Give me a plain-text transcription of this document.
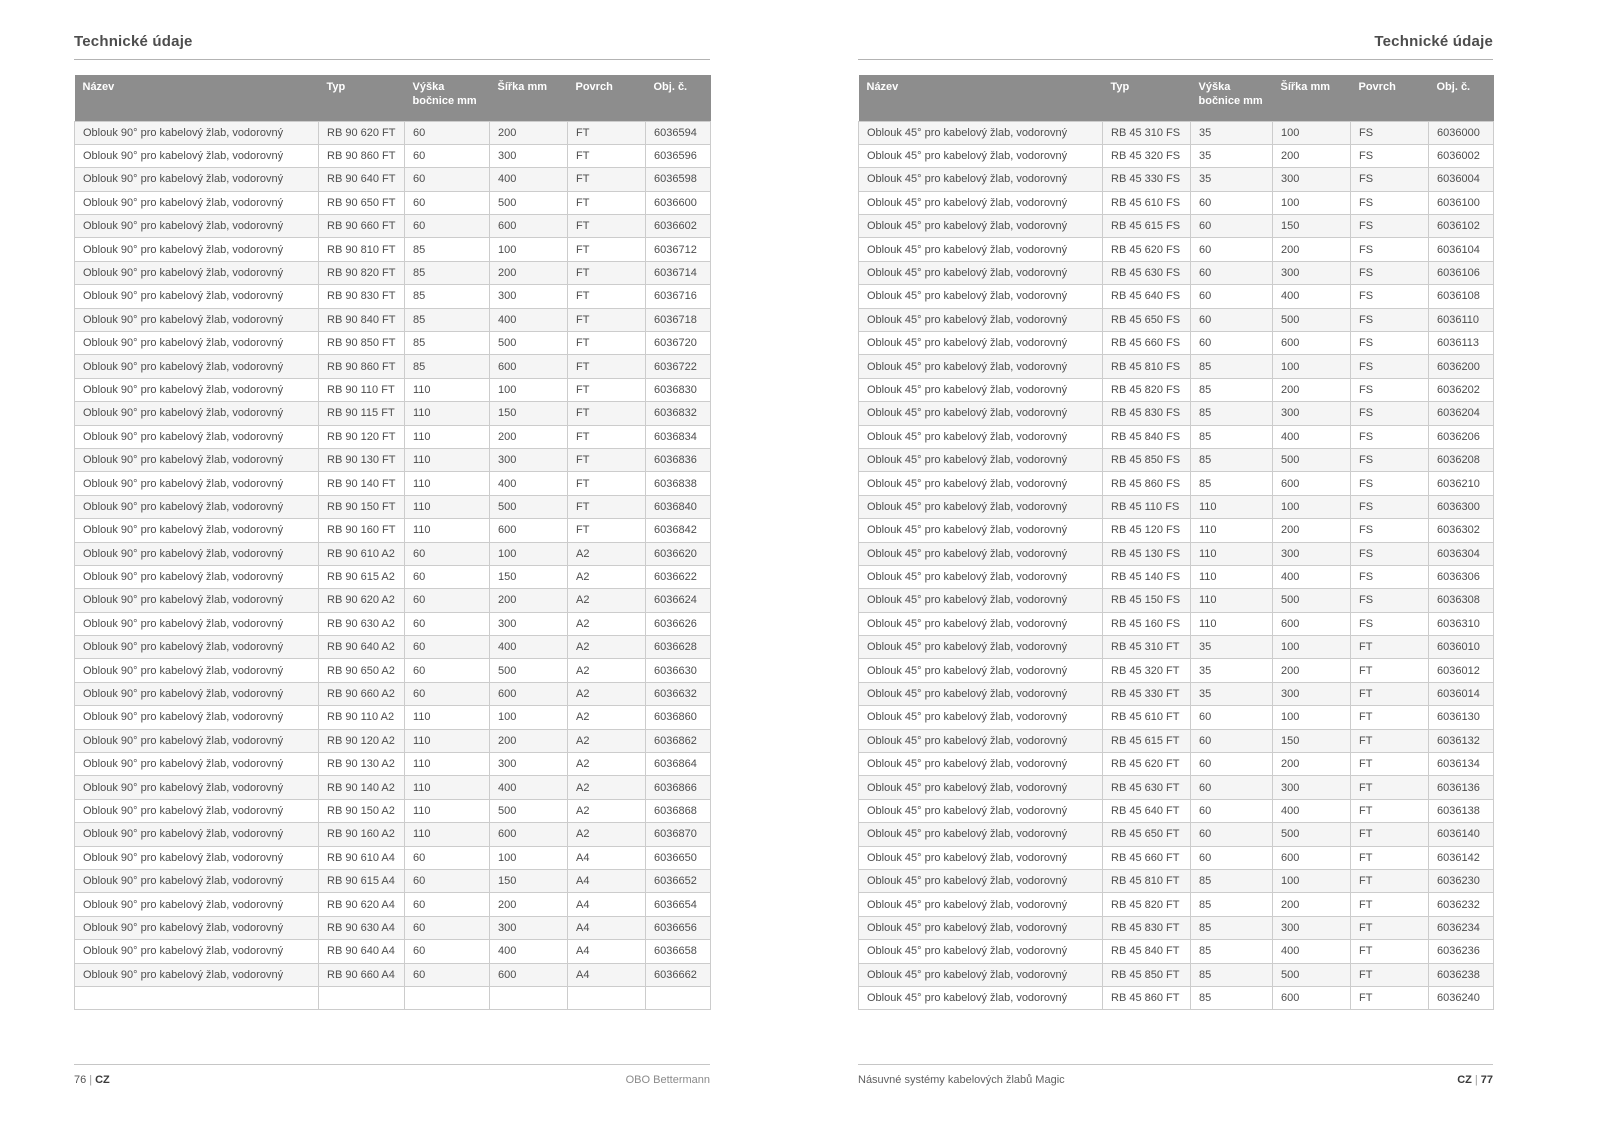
Technické údaje
Název	Typ	Výška bočnice mm	Šířka mm	Povrch	Obj. č.
Oblouk 90° pro kabelový žlab, vodorovný	RB 90 620 FT	60	200	FT	6036594
Oblouk 90° pro kabelový žlab, vodorovný	RB 90 860 FT	60	300	FT	6036596
Oblouk 90° pro kabelový žlab, vodorovný	RB 90 640 FT	60	400	FT	6036598
Oblouk 90° pro kabelový žlab, vodorovný	RB 90 650 FT	60	500	FT	6036600
Oblouk 90° pro kabelový žlab, vodorovný	RB 90 660 FT	60	600	FT	6036602
Oblouk 90° pro kabelový žlab, vodorovný	RB 90 810 FT	85	100	FT	6036712
Oblouk 90° pro kabelový žlab, vodorovný	RB 90 820 FT	85	200	FT	6036714
Oblouk 90° pro kabelový žlab, vodorovný	RB 90 830 FT	85	300	FT	6036716
Oblouk 90° pro kabelový žlab, vodorovný	RB 90 840 FT	85	400	FT	6036718
Oblouk 90° pro kabelový žlab, vodorovný	RB 90 850 FT	85	500	FT	6036720
Oblouk 90° pro kabelový žlab, vodorovný	RB 90 860 FT	85	600	FT	6036722
Oblouk 90° pro kabelový žlab, vodorovný	RB 90 110 FT	110	100	FT	6036830
Oblouk 90° pro kabelový žlab, vodorovný	RB 90 115 FT	110	150	FT	6036832
Oblouk 90° pro kabelový žlab, vodorovný	RB 90 120 FT	110	200	FT	6036834
Oblouk 90° pro kabelový žlab, vodorovný	RB 90 130 FT	110	300	FT	6036836
Oblouk 90° pro kabelový žlab, vodorovný	RB 90 140 FT	110	400	FT	6036838
Oblouk 90° pro kabelový žlab, vodorovný	RB 90 150 FT	110	500	FT	6036840
Oblouk 90° pro kabelový žlab, vodorovný	RB 90 160 FT	110	600	FT	6036842
Oblouk 90° pro kabelový žlab, vodorovný	RB 90 610 A2	60	100	A2	6036620
Oblouk 90° pro kabelový žlab, vodorovný	RB 90 615 A2	60	150	A2	6036622
Oblouk 90° pro kabelový žlab, vodorovný	RB 90 620 A2	60	200	A2	6036624
Oblouk 90° pro kabelový žlab, vodorovný	RB 90 630 A2	60	300	A2	6036626
Oblouk 90° pro kabelový žlab, vodorovný	RB 90 640 A2	60	400	A2	6036628
Oblouk 90° pro kabelový žlab, vodorovný	RB 90 650 A2	60	500	A2	6036630
Oblouk 90° pro kabelový žlab, vodorovný	RB 90 660 A2	60	600	A2	6036632
Oblouk 90° pro kabelový žlab, vodorovný	RB 90 110 A2	110	100	A2	6036860
Oblouk 90° pro kabelový žlab, vodorovný	RB 90 120 A2	110	200	A2	6036862
Oblouk 90° pro kabelový žlab, vodorovný	RB 90 130 A2	110	300	A2	6036864
Oblouk 90° pro kabelový žlab, vodorovný	RB 90 140 A2	110	400	A2	6036866
Oblouk 90° pro kabelový žlab, vodorovný	RB 90 150 A2	110	500	A2	6036868
Oblouk 90° pro kabelový žlab, vodorovný	RB 90 160 A2	110	600	A2	6036870
Oblouk 90° pro kabelový žlab, vodorovný	RB 90 610 A4	60	100	A4	6036650
Oblouk 90° pro kabelový žlab, vodorovný	RB 90 615 A4	60	150	A4	6036652
Oblouk 90° pro kabelový žlab, vodorovný	RB 90 620 A4	60	200	A4	6036654
Oblouk 90° pro kabelový žlab, vodorovný	RB 90 630 A4	60	300	A4	6036656
Oblouk 90° pro kabelový žlab, vodorovný	RB 90 640 A4	60	400	A4	6036658
Oblouk 90° pro kabelový žlab, vodorovný	RB 90 660 A4	60	600	A4	6036662

Technické údaje
Název	Typ	Výška bočnice mm	Šířka mm	Povrch	Obj. č.
Oblouk 45° pro kabelový žlab, vodorovný	RB 45 310 FS	35	100	FS	6036000
Oblouk 45° pro kabelový žlab, vodorovný	RB 45 320 FS	35	200	FS	6036002
Oblouk 45° pro kabelový žlab, vodorovný	RB 45 330 FS	35	300	FS	6036004
Oblouk 45° pro kabelový žlab, vodorovný	RB 45 610 FS	60	100	FS	6036100
Oblouk 45° pro kabelový žlab, vodorovný	RB 45 615 FS	60	150	FS	6036102
Oblouk 45° pro kabelový žlab, vodorovný	RB 45 620 FS	60	200	FS	6036104
Oblouk 45° pro kabelový žlab, vodorovný	RB 45 630 FS	60	300	FS	6036106
Oblouk 45° pro kabelový žlab, vodorovný	RB 45 640 FS	60	400	FS	6036108
Oblouk 45° pro kabelový žlab, vodorovný	RB 45 650 FS	60	500	FS	6036110
Oblouk 45° pro kabelový žlab, vodorovný	RB 45 660 FS	60	600	FS	6036113
Oblouk 45° pro kabelový žlab, vodorovný	RB 45 810 FS	85	100	FS	6036200
Oblouk 45° pro kabelový žlab, vodorovný	RB 45 820 FS	85	200	FS	6036202
Oblouk 45° pro kabelový žlab, vodorovný	RB 45 830 FS	85	300	FS	6036204
Oblouk 45° pro kabelový žlab, vodorovný	RB 45 840 FS	85	400	FS	6036206
Oblouk 45° pro kabelový žlab, vodorovný	RB 45 850 FS	85	500	FS	6036208
Oblouk 45° pro kabelový žlab, vodorovný	RB 45 860 FS	85	600	FS	6036210
Oblouk 45° pro kabelový žlab, vodorovný	RB 45 110 FS	110	100	FS	6036300
Oblouk 45° pro kabelový žlab, vodorovný	RB 45 120 FS	110	200	FS	6036302
Oblouk 45° pro kabelový žlab, vodorovný	RB 45 130 FS	110	300	FS	6036304
Oblouk 45° pro kabelový žlab, vodorovný	RB 45 140 FS	110	400	FS	6036306
Oblouk 45° pro kabelový žlab, vodorovný	RB 45 150 FS	110	500	FS	6036308
Oblouk 45° pro kabelový žlab, vodorovný	RB 45 160 FS	110	600	FS	6036310
Oblouk 45° pro kabelový žlab, vodorovný	RB 45 310 FT	35	100	FT	6036010
Oblouk 45° pro kabelový žlab, vodorovný	RB 45 320 FT	35	200	FT	6036012
Oblouk 45° pro kabelový žlab, vodorovný	RB 45 330 FT	35	300	FT	6036014
Oblouk 45° pro kabelový žlab, vodorovný	RB 45 610 FT	60	100	FT	6036130
Oblouk 45° pro kabelový žlab, vodorovný	RB 45 615 FT	60	150	FT	6036132
Oblouk 45° pro kabelový žlab, vodorovný	RB 45 620 FT	60	200	FT	6036134
Oblouk 45° pro kabelový žlab, vodorovný	RB 45 630 FT	60	300	FT	6036136
Oblouk 45° pro kabelový žlab, vodorovný	RB 45 640 FT	60	400	FT	6036138
Oblouk 45° pro kabelový žlab, vodorovný	RB 45 650 FT	60	500	FT	6036140
Oblouk 45° pro kabelový žlab, vodorovný	RB 45 660 FT	60	600	FT	6036142
Oblouk 45° pro kabelový žlab, vodorovný	RB 45 810 FT	85	100	FT	6036230
Oblouk 45° pro kabelový žlab, vodorovný	RB 45 820 FT	85	200	FT	6036232
Oblouk 45° pro kabelový žlab, vodorovný	RB 45 830 FT	85	300	FT	6036234
Oblouk 45° pro kabelový žlab, vodorovný	RB 45 840 FT	85	400	FT	6036236
Oblouk 45° pro kabelový žlab, vodorovný	RB 45 850 FT	85	500	FT	6036238
Oblouk 45° pro kabelový žlab, vodorovný	RB 45 860 FT	85	600	FT	6036240
76 | CZ	OBO Bettermann	Násuvné systémy kabelových žlabů Magic	CZ | 77
